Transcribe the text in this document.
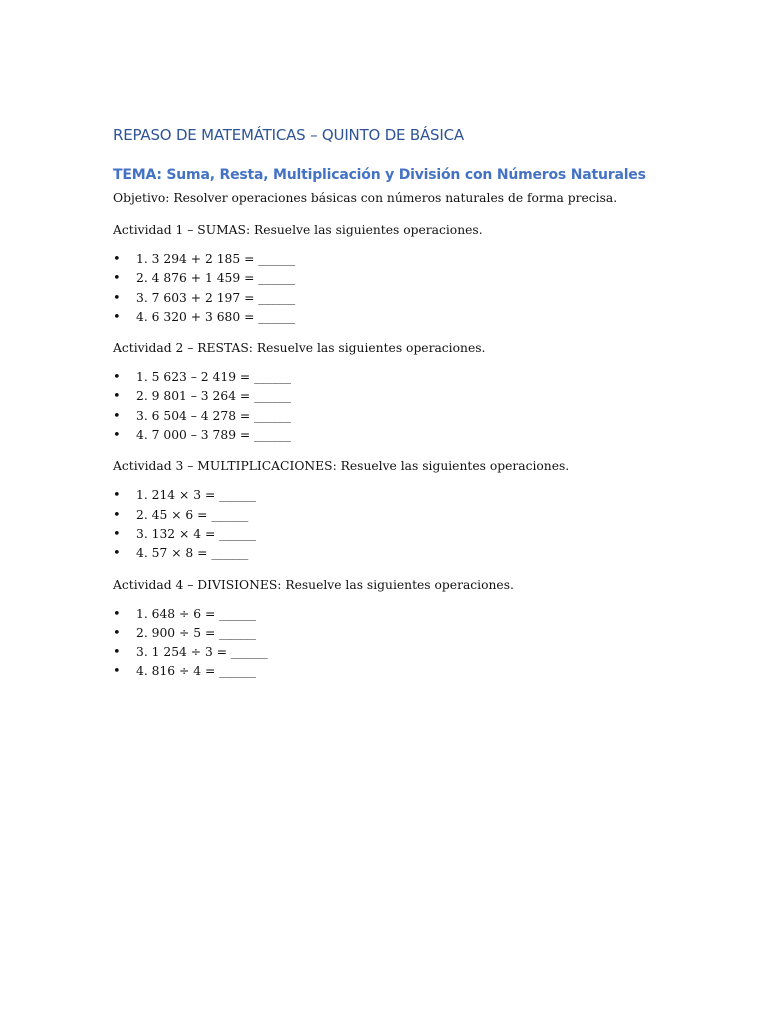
REPASO DE MATEMÁTICAS – QUINTO DE BÁSICA
TEMA: Suma, Resta, Multiplicación y División con Números Naturales

Objetivo: Resolver operaciones básicas con números naturales de forma precisa.

Actividad 1 – SUMAS: Resuelve las siguientes operaciones.

• 1. 3 294 + 2 185 = ______
• 2. 4 876 + 1 459 = ______
• 3. 7 603 + 2 197 = ______
• 4. 6 320 + 3 680 = ______

Actividad 2 – RESTAS: Resuelve las siguientes operaciones.

• 1. 5 623 – 2 419 = ______
• 2. 9 801 – 3 264 = ______
• 3. 6 504 – 4 278 = ______
• 4. 7 000 – 3 789 = ______

Actividad 3 – MULTIPLICACIONES: Resuelve las siguientes operaciones.

• 1. 214 × 3 = ______
• 2. 45 × 6 = ______
• 3. 132 × 4 = ______
• 4. 57 × 8 = ______

Actividad 4 – DIVISIONES: Resuelve las siguientes operaciones.

• 1. 648 ÷ 6 = ______
• 2. 900 ÷ 5 = ______
• 3. 1 254 ÷ 3 = ______
• 4. 816 ÷ 4 = ______
